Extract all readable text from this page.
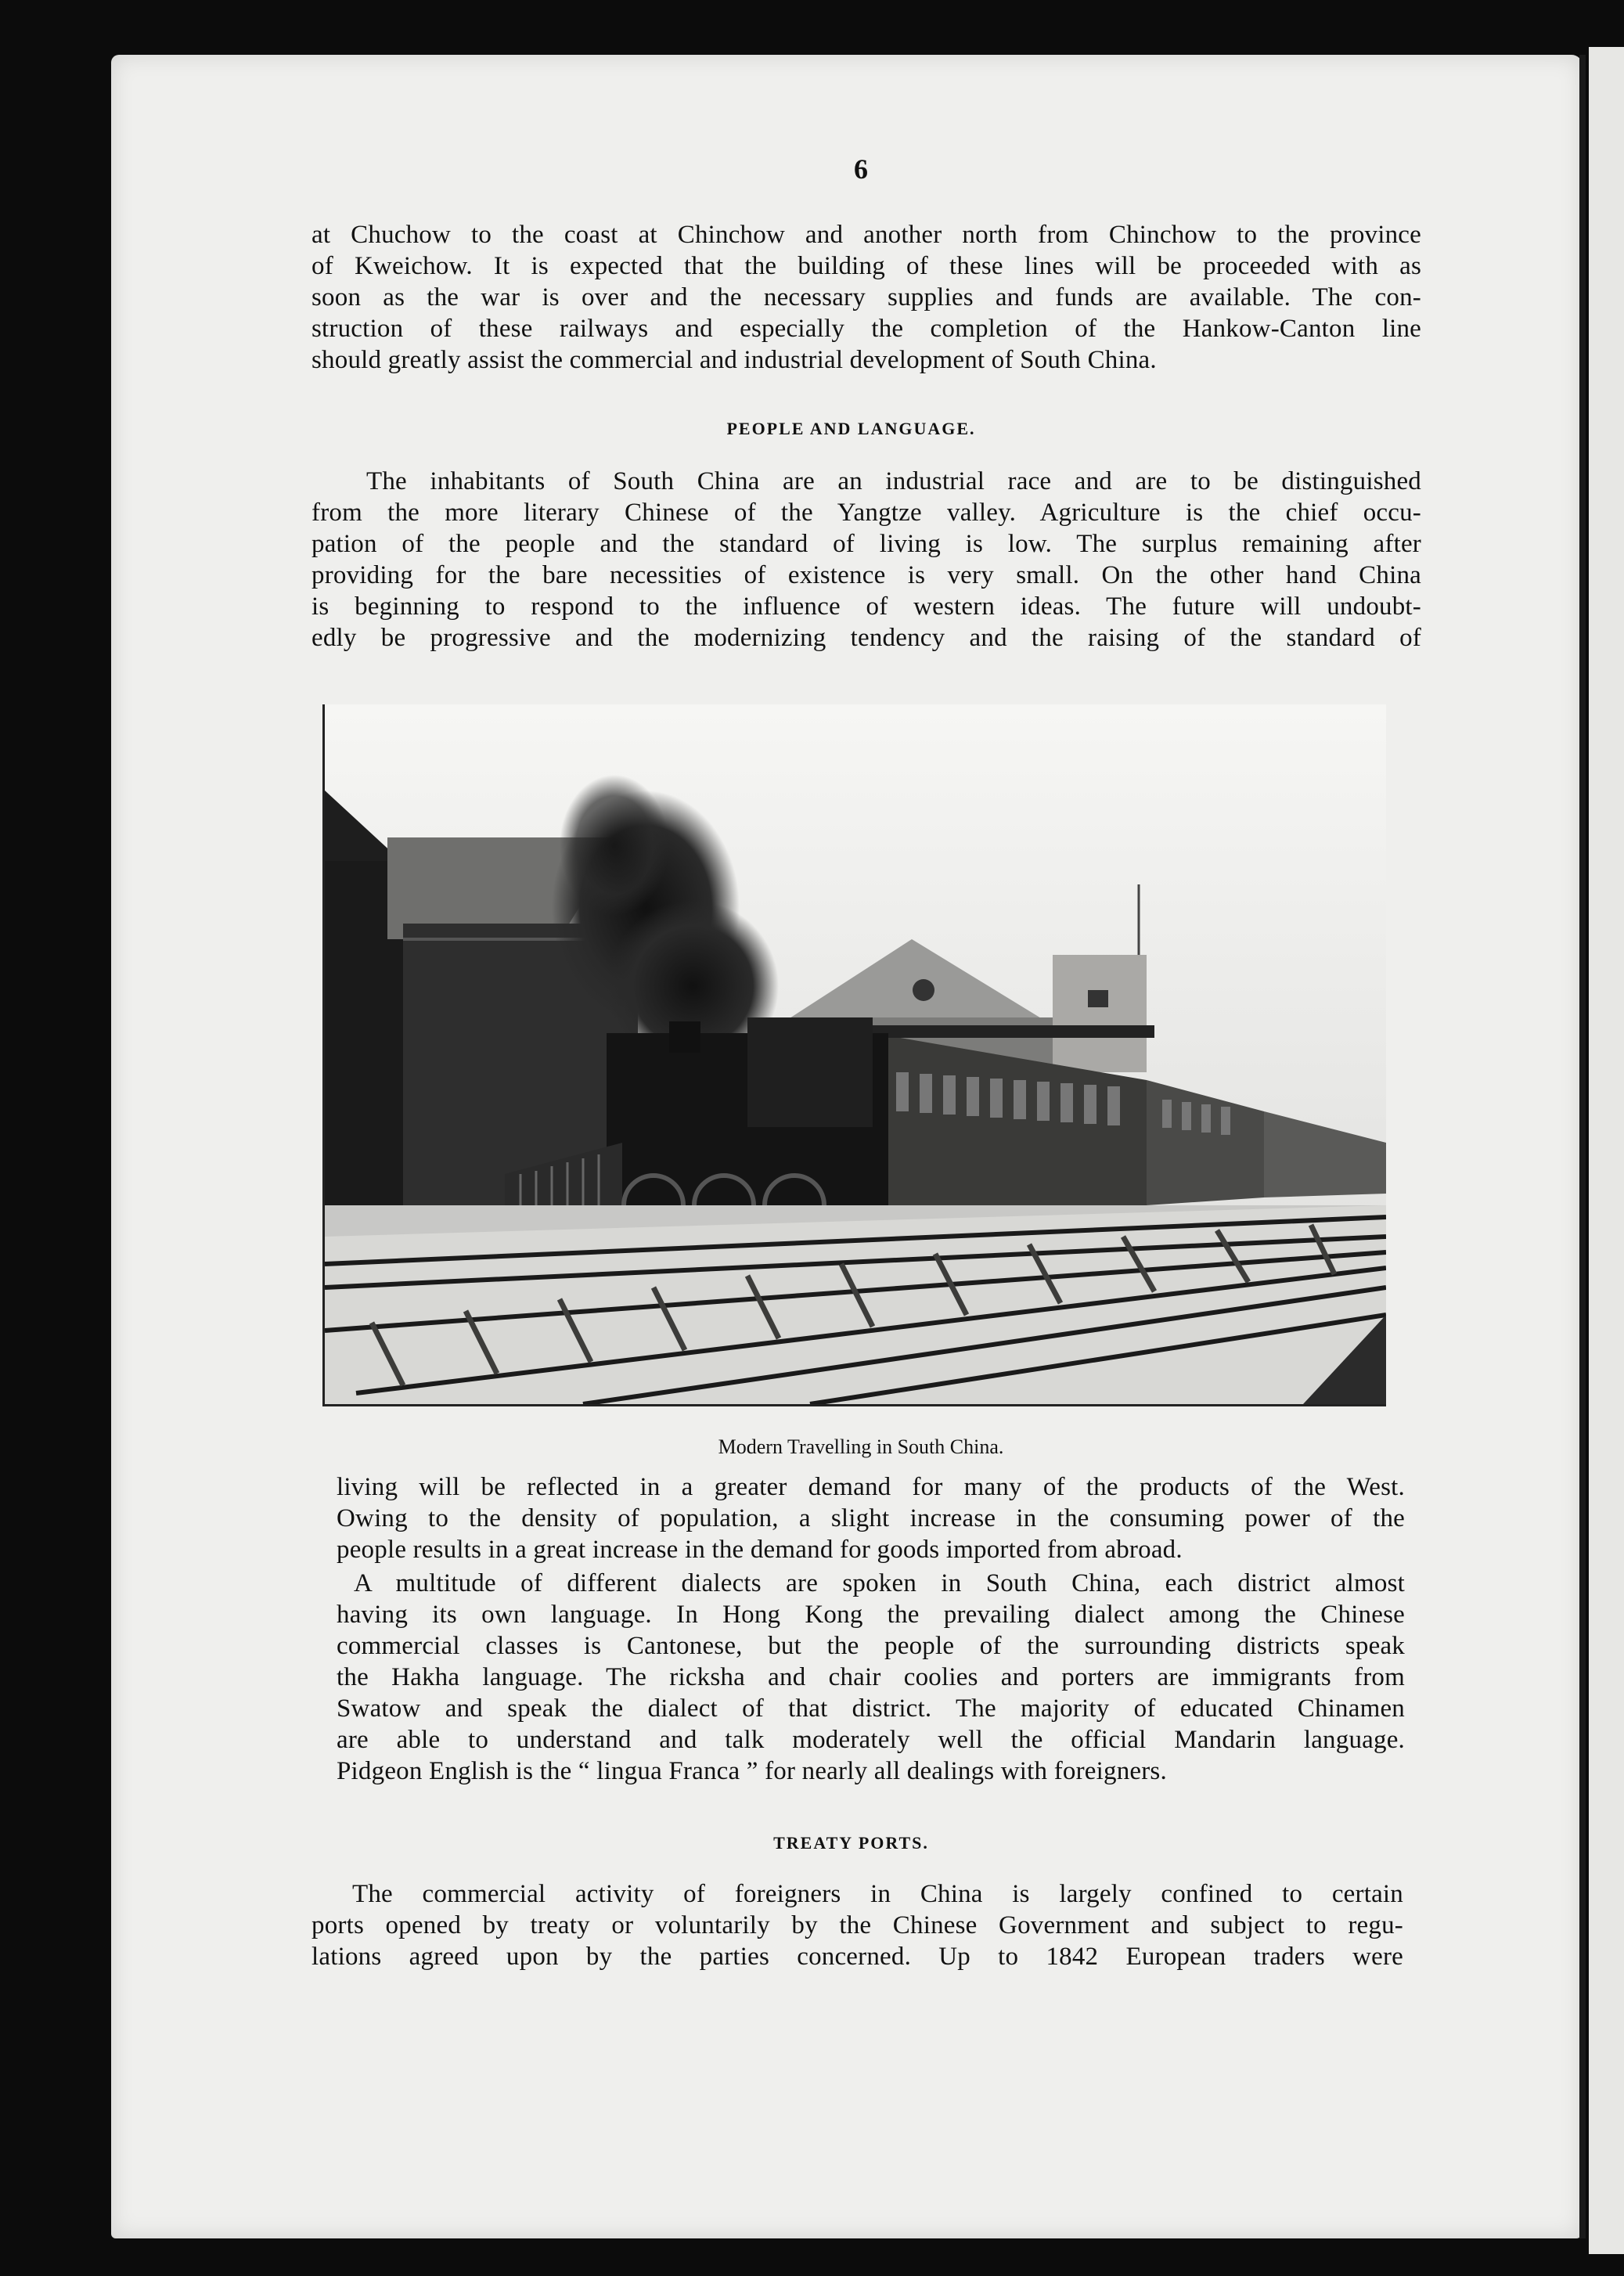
6
at Chuchow to the coast at Chinchow and another north from Chinchow to the province
of Kweichow. It is expected that the building of these lines will be proceeded with as
soon as the war is over and the necessary supplies and funds are available. The con-
struction of these railways and especially the completion of the Hankow-Canton line
should greatly assist the commercial and industrial development of South China.
PEOPLE AND LANGUAGE.
The inhabitants of South China are an industrial race and are to be distinguished
from the more literary Chinese of the Yangtze valley. Agriculture is the chief occu-
pation of the people and the standard of living is low. The surplus remaining after
providing for the bare necessities of existence is very small. On the other hand China
is beginning to respond to the influence of western ideas. The future will undoubt-
edly be progressive and the modernizing tendency and the raising of the standard of
Modern Travelling in South China.
living will be reflected in a greater demand for many of the products of the West.
Owing to the density of population, a slight increase in the consuming power of the
people results in a great increase in the demand for goods imported from abroad.
A multitude of different dialects are spoken in South China, each district almost
having its own language. In Hong Kong the prevailing dialect among the Chinese
commercial classes is Cantonese, but the people of the surrounding districts speak
the Hakha language. The ricksha and chair coolies and porters are immigrants from
Swatow and speak the dialect of that district. The majority of educated Chinamen
are able to understand and talk moderately well the official Mandarin language.
Pidgeon English is the “ lingua Franca ” for nearly all dealings with foreigners.
TREATY PORTS.
The commercial activity of foreigners in China is largely confined to certain
ports opened by treaty or voluntarily by the Chinese Government and subject to regu-
lations agreed upon by the parties concerned. Up to 1842 European traders were
